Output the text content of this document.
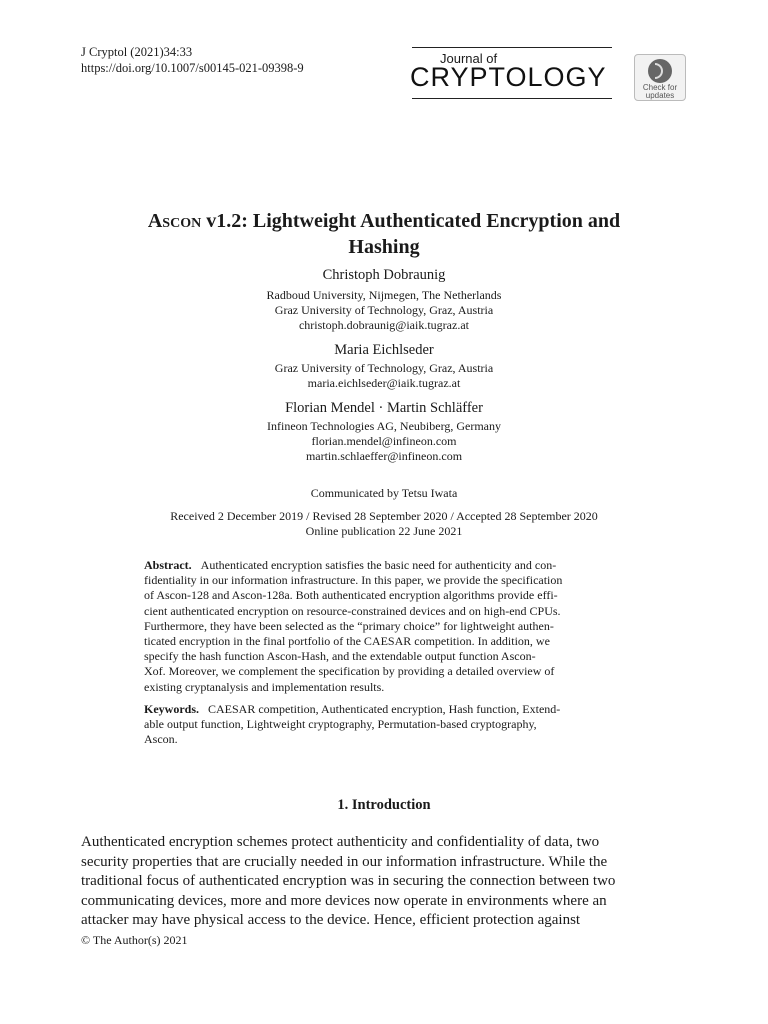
J Cryptol (2021)34:33
https://doi.org/10.1007/s00145-021-09398-9
Journal of
CRYPTOLOGY	Check for
updates
Ascon v1.2: Lightweight Authenticated Encryption and
Hashing
Christoph Dobraunig
Radboud University, Nijmegen, The Netherlands
Graz University of Technology, Graz, Austria
christoph.dobraunig@iaik.tugraz.at
Maria Eichlseder
Graz University of Technology, Graz, Austria
maria.eichlseder@iaik.tugraz.at
Florian Mendel · Martin Schläffer
Infineon Technologies AG, Neubiberg, Germany
florian.mendel@infineon.com
martin.schlaeffer@infineon.com
Communicated by Tetsu Iwata
Received 2 December 2019 / Revised 28 September 2020 / Accepted 28 September 2020
Online publication 22 June 2021
Abstract. Authenticated encryption satisfies the basic need for authenticity and con-
fidentiality in our information infrastructure. In this paper, we provide the specification
of Ascon-128 and Ascon-128a. Both authenticated encryption algorithms provide effi-
cient authenticated encryption on resource-constrained devices and on high-end CPUs.
Furthermore, they have been selected as the “primary choice” for lightweight authen-
ticated encryption in the final portfolio of the CAESAR competition. In addition, we
specify the hash function Ascon-Hash, and the extendable output function Ascon-
Xof. Moreover, we complement the specification by providing a detailed overview of
existing cryptanalysis and implementation results.
Keywords. CAESAR competition, Authenticated encryption, Hash function, Extend-
able output function, Lightweight cryptography, Permutation-based cryptography,
Ascon.
1. Introduction
Authenticated encryption schemes protect authenticity and confidentiality of data, two
security properties that are crucially needed in our information infrastructure. While the
traditional focus of authenticated encryption was in securing the connection between two
communicating devices, more and more devices now operate in environments where an
attacker may have physical access to the device. Hence, efficient protection against
© The Author(s) 2021
